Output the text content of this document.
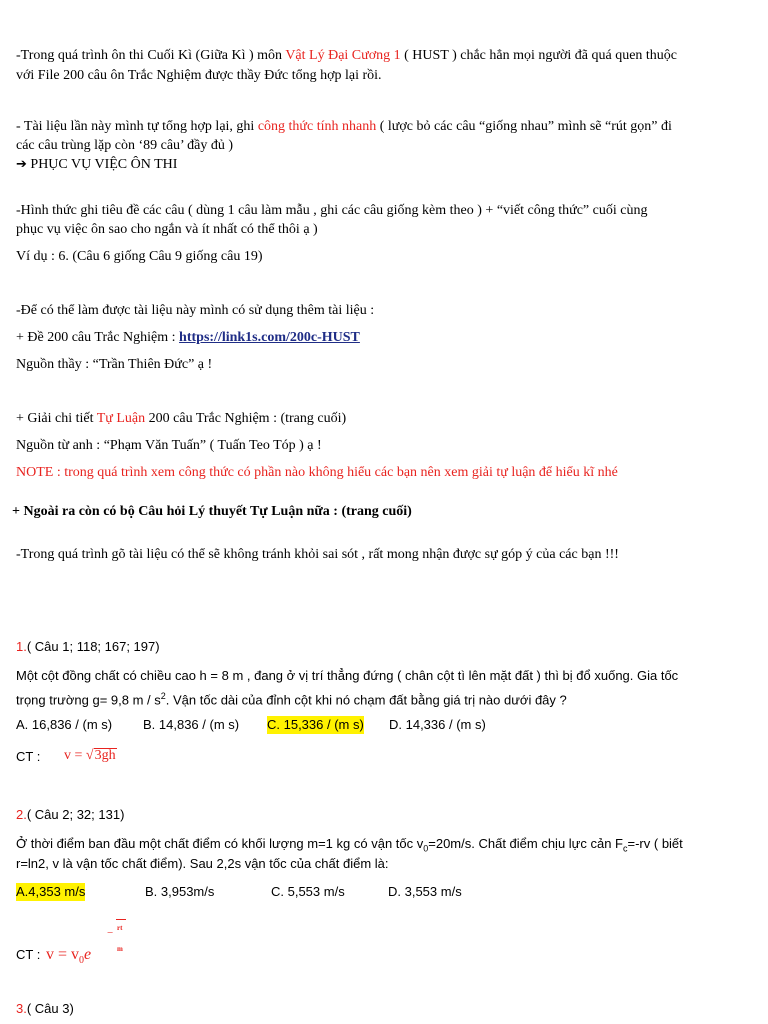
-Trong quá trình ôn thi Cuối Kì (Giữa Kì ) môn Vật Lý Đại Cương 1 ( HUST ) chắc hẳn mọi người đã quá quen thuộc
với File 200 câu ôn Trắc Nghiệm được thầy Đức tổng hợp lại rồi.
- Tài liệu lần này mình tự tổng hợp lại, ghi công thức tính nhanh ( lược bỏ các câu “giống nhau” mình sẽ “rút gọn” đi
các câu trùng lặp còn ‘89 câu’ đầy đủ )
➔ PHỤC VỤ VIỆC ÔN THI
-Hình thức ghi tiêu đề các câu ( dùng 1 câu làm mẫu , ghi các câu giống kèm theo ) + “viết công thức” cuối cùng
phục vụ việc ôn sao cho ngắn và ít nhất có thể thôi ạ )
Ví dụ : 6. (Câu 6 giống Câu 9 giống câu 19)
-Để có thể làm được tài liệu này mình có sử dụng thêm tài liệu :
+ Đề 200 câu Trắc Nghiệm : https://link1s.com/200c-HUST
Nguồn thầy : “Trần Thiên Đức” ạ !
+ Giải chi tiết Tự Luận 200 câu Trắc Nghiệm : (trang cuối)
Nguồn từ anh : “Phạm Văn Tuấn” ( Tuấn Teo Tóp ) ạ !
NOTE : trong quá trình xem công thức có phần nào không hiểu các bạn nên xem giải tự luận để hiểu kĩ nhé
+ Ngoài ra còn có bộ Câu hỏi Lý thuyết Tự Luận nữa : (trang cuối)
-Trong quá trình gõ tài liệu có thể sẽ không tránh khỏi sai sót , rất mong nhận được sự góp ý của các bạn !!!
1.( Câu 1; 118; 167; 197)
Một cột đồng chất có chiều cao h = 8 m , đang ở vị trí thẳng đứng ( chân cột tì lên mặt đất ) thì bị đổ xuống. Gia tốc
trọng trường g= 9,8 m / $s^2$. Vận tốc dài của đỉnh cột khi nó chạm đất bằng giá trị nào dưới đây ?
A. 16,836 / (m s) B. 14,836 / (m s) C. 15,336 / (m s) D. 14,336 / (m s)
CT : v = √3gh
2.( Câu 2; 32; 131)
Ở thời điểm ban đầu một chất điểm có khối lượng m=1 kg có vận tốc $v_0=20m/s$. Chất điểm chịu lực cản $F_c=-rv$ ( biết
r=ln2, v là vận tốc chất điểm). Sau 2,2s vận tốc của chất điểm là:
A.4,353 m/s	B. 3,953m/s	C. 5,553 m/s	D. 3,553 m/s
CT : $v = v_0e$
− rt
m
3.( Câu 3)
